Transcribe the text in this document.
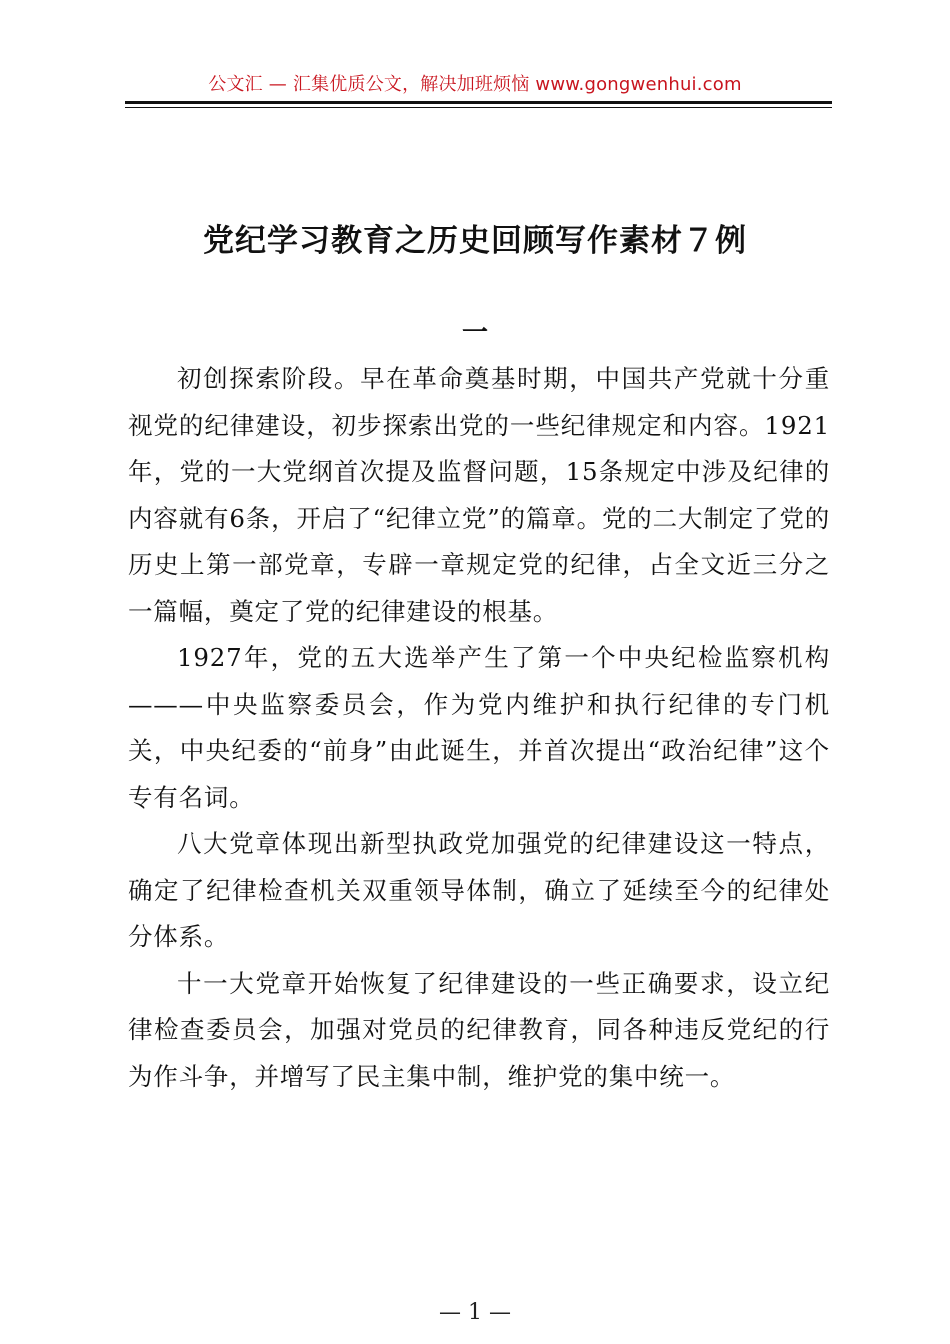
公文汇 — 汇集优质公文，解决加班烦恼 www.gongwenhui.com
党纪学习教育之历史回顾写作素材７例
一

初创探索阶段。早在革命奠基时期，中国共产党就十分重视党的纪律建设，初步探索出党的一些纪律规定和内容。1921年，党的一大党纲首次提及监督问题，15条规定中涉及纪律的内容就有6条，开启了“纪律立党”的篇章。党的二大制定了党的历史上第一部党章，专辟一章规定党的纪律，占全文近三分之一篇幅，奠定了党的纪律建设的根基。

1927年，党的五大选举产生了第一个中央纪检监察机构———中央监察委员会，作为党内维护和执行纪律的专门机关，中央纪委的“前身”由此诞生，并首次提出“政治纪律”这个专有名词。

八大党章体现出新型执政党加强党的纪律建设这一特点，确定了纪律检查机关双重领导体制，确立了延续至今的纪律处分体系。

十一大党章开始恢复了纪律建设的一些正确要求，设立纪律检查委员会，加强对党员的纪律教育，同各种违反党纪的行为作斗争，并增写了民主集中制，维护党的集中统一。

— 1 —
